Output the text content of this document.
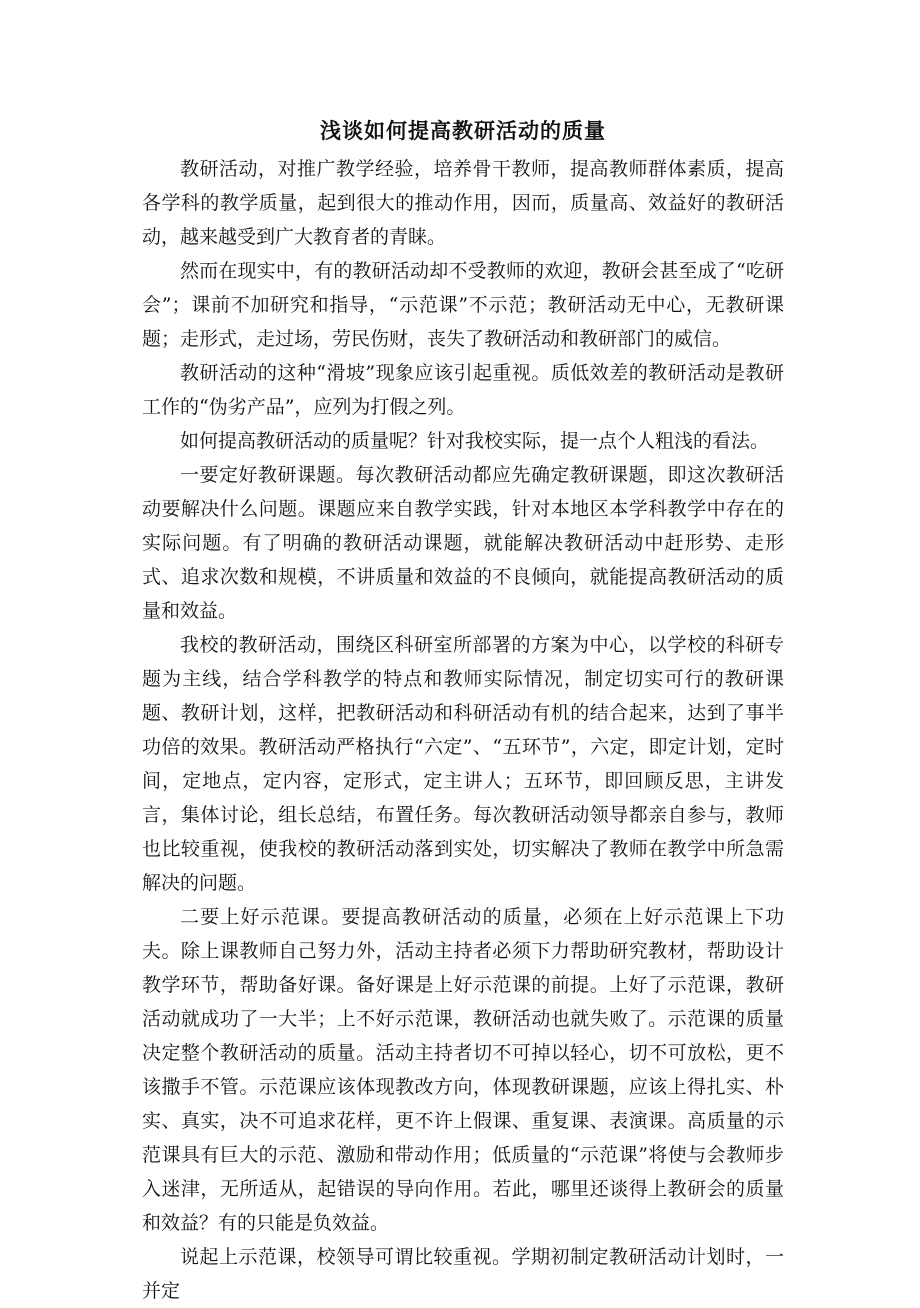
浅谈如何提高教研活动的质量

教研活动，对推广教学经验，培养骨干教师，提高教师群体素质，提高各学科的教学质量，起到很大的推动作用，因而，质量高、效益好的教研活动，越来越受到广大教育者的青睐。

然而在现实中，有的教研活动却不受教师的欢迎，教研会甚至成了“吃研会”；课前不加研究和指导，“示范课”不示范；教研活动无中心，无教研课题；走形式，走过场，劳民伤财，丧失了教研活动和教研部门的威信。

教研活动的这种“滑坡”现象应该引起重视。质低效差的教研活动是教研工作的“伪劣产品”，应列为打假之列。

如何提高教研活动的质量呢？针对我校实际，提一点个人粗浅的看法。

一要定好教研课题。每次教研活动都应先确定教研课题，即这次教研活动要解决什么问题。课题应来自教学实践，针对本地区本学科教学中存在的实际问题。有了明确的教研活动课题，就能解决教研活动中赶形势、走形式、追求次数和规模，不讲质量和效益的不良倾向，就能提高教研活动的质量和效益。

我校的教研活动，围绕区科研室所部署的方案为中心，以学校的科研专题为主线，结合学科教学的特点和教师实际情况，制定切实可行的教研课题、教研计划，这样，把教研活动和科研活动有机的结合起来，达到了事半功倍的效果。教研活动严格执行“六定”、“五环节”，六定，即定计划，定时间，定地点，定内容，定形式，定主讲人；五环节，即回顾反思，主讲发言，集体讨论，组长总结，布置任务。每次教研活动领导都亲自参与，教师也比较重视，使我校的教研活动落到实处，切实解决了教师在教学中所急需解决的问题。

二要上好示范课。要提高教研活动的质量，必须在上好示范课上下功夫。除上课教师自己努力外，活动主持者必须下力帮助研究教材，帮助设计教学环节，帮助备好课。备好课是上好示范课的前提。上好了示范课，教研活动就成功了一大半；上不好示范课，教研活动也就失败了。示范课的质量决定整个教研活动的质量。活动主持者切不可掉以轻心，切不可放松，更不该撒手不管。示范课应该体现教改方向，体现教研课题，应该上得扎实、朴实、真实，决不可追求花样，更不许上假课、重复课、表演课。高质量的示范课具有巨大的示范、激励和带动作用；低质量的“示范课”将使与会教师步入迷津，无所适从，起错误的导向作用。若此，哪里还谈得上教研会的质量和效益？有的只能是负效益。

说起上示范课，校领导可谓比较重视。学期初制定教研活动计划时，一并定
